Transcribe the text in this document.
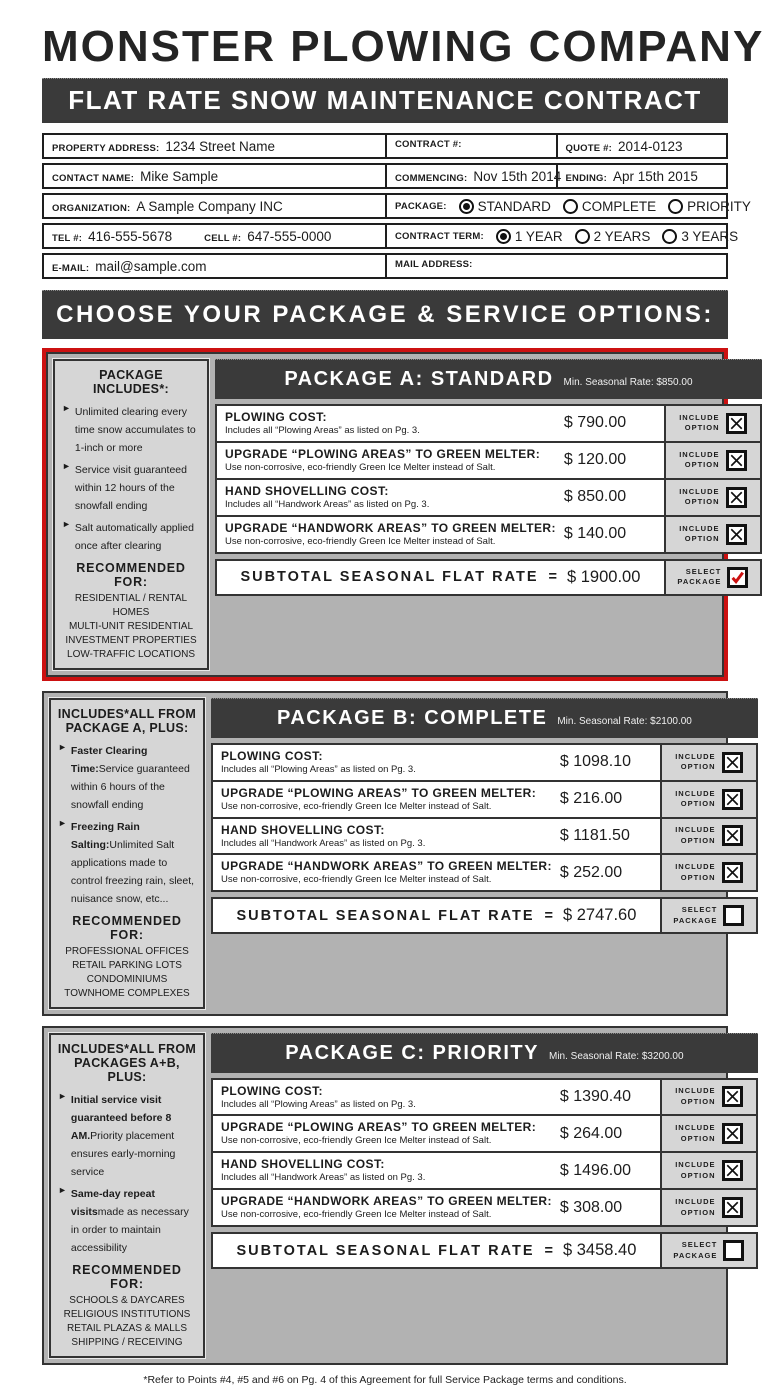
MONSTER PLOWING COMPANY
FLAT RATE SNOW MAINTENANCE CONTRACT
PROPERTY ADDRESS: 1234 Street Name	CONTRACT #:	QUOTE #: 2014-0123
CONTACT NAME: Mike Sample	COMMENCING: Nov 15th 2014 ENDING: Apr 15th 2015
ORGANIZATION: A Sample Company INC	PACKAGE: STANDARD COMPLETE PRIORITY
TEL #: 416-555-5678	CELL #: 647-555-0000	CONTRACT TERM: 1 YEAR 2 YEARS 3 YEARS
E-MAIL: mail@sample.com	MAIL ADDRESS:
CHOOSE YOUR PACKAGE & SERVICE OPTIONS:
PACKAGE INCLUDES*:
► Unlimited clearing every time snow accumulates to 1-inch or more
► Service visit guaranteed within 12 hours of the snowfall ending
► Salt automatically applied once after clearing
RECOMMENDED FOR:
RESIDENTIAL / RENTAL HOMES
MULTI-UNIT RESIDENTIAL
INVESTMENT PROPERTIES
LOW-TRAFFIC LOCATIONS
PACKAGE A: STANDARD Min. Seasonal Rate: $850.00
PLOWING COST:
Includes all “Plowing Areas” as listed on Pg. 3.	$ 790.00	INCLUDE
OPTION
UPGRADE “PLOWING AREAS” TO GREEN MELTER:
Use non-corrosive, eco-friendly Green Ice Melter instead of Salt.	$ 120.00	INCLUDE
OPTION
HAND SHOVELLING COST:
Includes all “Handwork Areas” as listed on Pg. 3.	$ 850.00	INCLUDE
OPTION
UPGRADE “HANDWORK AREAS” TO GREEN MELTER:
Use non-corrosive, eco-friendly Green Ice Melter instead of Salt.	$ 140.00	INCLUDE
OPTION
SUBTOTAL SEASONAL FLAT RATE = $ 1900.00	SELECT
PACKAGE
INCLUDES*ALL FROM PACKAGE A, PLUS:
► Faster Clearing Time:Service guaranteed within 6 hours of the snowfall ending
► Freezing Rain Salting:Unlimited Salt applications made to control freezing rain, sleet, nuisance snow, etc...
RECOMMENDED FOR:
PROFESSIONAL OFFICES
RETAIL PARKING LOTS
CONDOMINIUMS
TOWNHOME COMPLEXES
PACKAGE B: COMPLETE Min. Seasonal Rate: $2100.00
PLOWING COST:
Includes all “Plowing Areas” as listed on Pg. 3.	$ 1098.10	INCLUDE
OPTION
UPGRADE “PLOWING AREAS” TO GREEN MELTER:
Use non-corrosive, eco-friendly Green Ice Melter instead of Salt.	$ 216.00	INCLUDE
OPTION
HAND SHOVELLING COST:
Includes all “Handwork Areas” as listed on Pg. 3.	$ 1181.50	INCLUDE
OPTION
UPGRADE “HANDWORK AREAS” TO GREEN MELTER:
Use non-corrosive, eco-friendly Green Ice Melter instead of Salt.	$ 252.00	INCLUDE
OPTION
SUBTOTAL SEASONAL FLAT RATE = $ 2747.60	SELECT
PACKAGE
INCLUDES*ALL FROM PACKAGES A+B, PLUS:
► Initial service visit guaranteed before 8 AM.Priority placement ensures early-morning service
► Same-day repeat visitsmade as necessary in order to maintain accessibility
RECOMMENDED FOR:
SCHOOLS & DAYCARES
RELIGIOUS INSTITUTIONS
RETAIL PLAZAS & MALLS
SHIPPING / RECEIVING
PACKAGE C: PRIORITY Min. Seasonal Rate: $3200.00
PLOWING COST:
Includes all “Plowing Areas” as listed on Pg. 3.	$ 1390.40	INCLUDE
OPTION
UPGRADE “PLOWING AREAS” TO GREEN MELTER:
Use non-corrosive, eco-friendly Green Ice Melter instead of Salt.	$ 264.00	INCLUDE
OPTION
HAND SHOVELLING COST:
Includes all “Handwork Areas” as listed on Pg. 3.	$ 1496.00	INCLUDE
OPTION
UPGRADE “HANDWORK AREAS” TO GREEN MELTER:
Use non-corrosive, eco-friendly Green Ice Melter instead of Salt.	$ 308.00	INCLUDE
OPTION
SUBTOTAL SEASONAL FLAT RATE = $ 3458.40	SELECT
PACKAGE
*Refer to Points #4, #5 and #6 on Pg. 4 of this Agreement for full Service Package terms and conditions.
